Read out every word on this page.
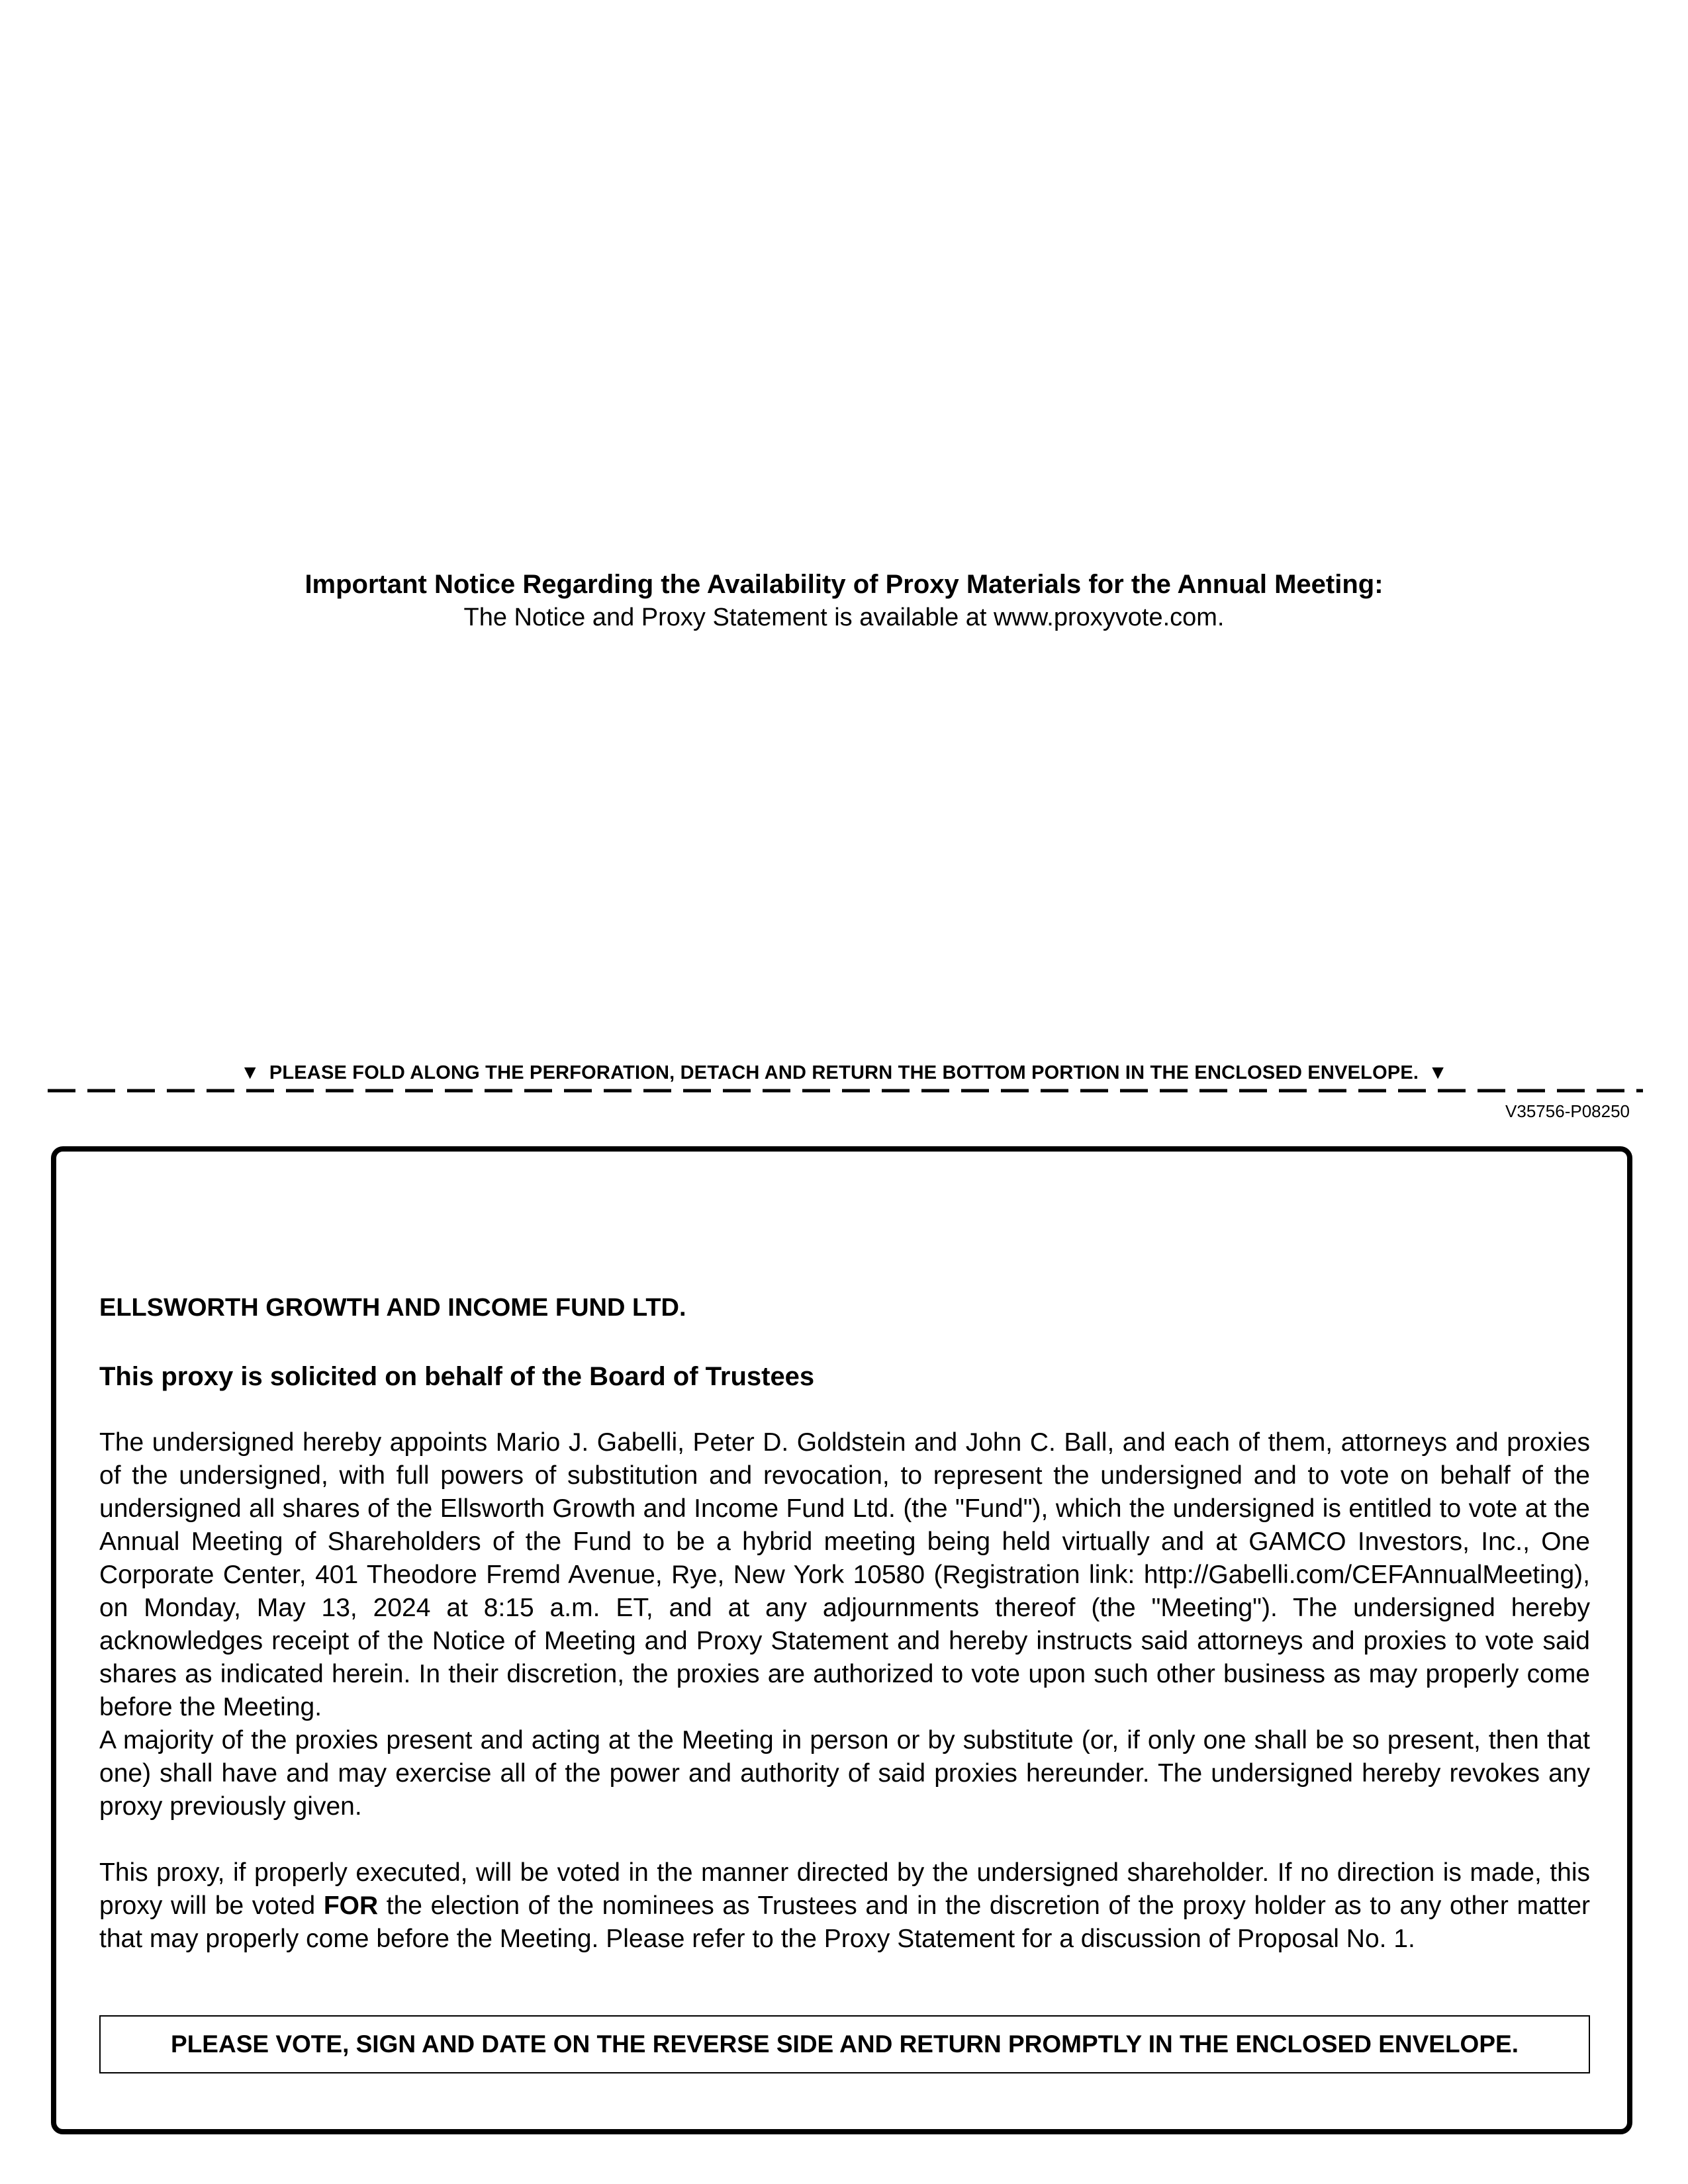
Important Notice Regarding the Availability of Proxy Materials for the Annual Meeting:
The Notice and Proxy Statement is available at www.proxyvote.com.
▼ PLEASE FOLD ALONG THE PERFORATION, DETACH AND RETURN THE BOTTOM PORTION IN THE ENCLOSED ENVELOPE. ▼
V35756-P08250
ELLSWORTH GROWTH AND INCOME FUND LTD.
This proxy is solicited on behalf of the Board of Trustees
The undersigned hereby appoints Mario J. Gabelli, Peter D. Goldstein and John C. Ball, and each of them, attorneys and proxies of the undersigned, with full powers of substitution and revocation, to represent the undersigned and to vote on behalf of the undersigned all shares of the Ellsworth Growth and Income Fund Ltd. (the "Fund"), which the undersigned is entitled to vote at the Annual Meeting of Shareholders of the Fund to be a hybrid meeting being held virtually and at GAMCO Investors, Inc., One Corporate Center, 401 Theodore Fremd Avenue, Rye, New York 10580 (Registration link: http://Gabelli.com/CEFAnnualMeeting), on Monday, May 13, 2024 at 8:15 a.m. ET, and at any adjournments thereof (the "Meeting"). The undersigned hereby acknowledges receipt of the Notice of Meeting and Proxy Statement and hereby instructs said attorneys and proxies to vote said shares as indicated herein. In their discretion, the proxies are authorized to vote upon such other business as may properly come before the Meeting.
A majority of the proxies present and acting at the Meeting in person or by substitute (or, if only one shall be so present, then that one) shall have and may exercise all of the power and authority of said proxies hereunder. The undersigned hereby revokes any proxy previously given.
This proxy, if properly executed, will be voted in the manner directed by the undersigned shareholder. If no direction is made, this proxy will be voted FOR the election of the nominees as Trustees and in the discretion of the proxy holder as to any other matter that may properly come before the Meeting. Please refer to the Proxy Statement for a discussion of Proposal No. 1.
PLEASE VOTE, SIGN AND DATE ON THE REVERSE SIDE AND RETURN PROMPTLY IN THE ENCLOSED ENVELOPE.
